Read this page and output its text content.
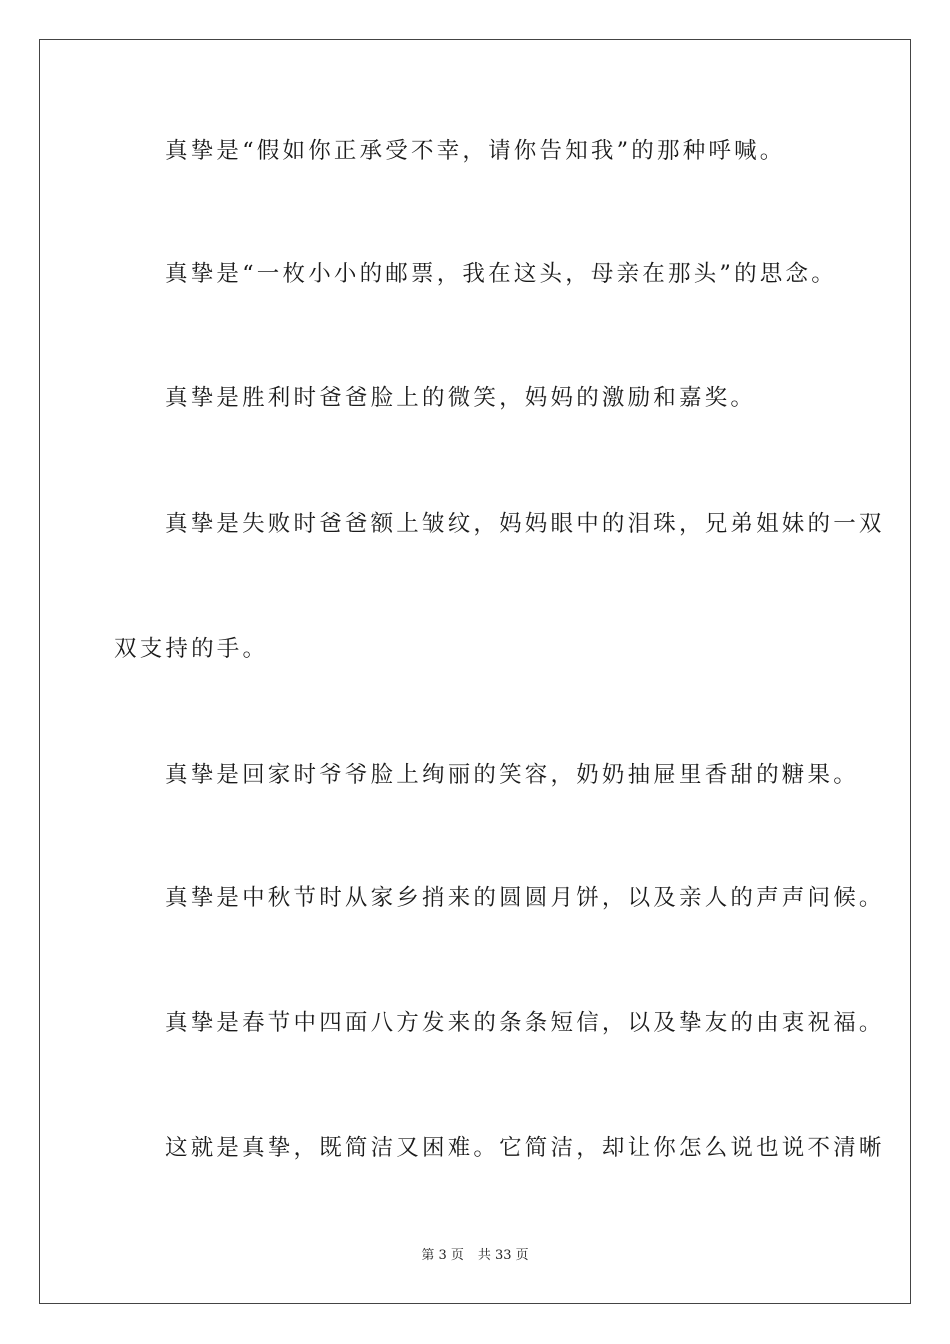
真挚是“假如你正承受不幸，请你告知我”的那种呼喊。
真挚是“一枚小小的邮票，我在这头，母亲在那头”的思念。
真挚是胜利时爸爸脸上的微笑，妈妈的激励和嘉奖。
真挚是失败时爸爸额上皱纹，妈妈眼中的泪珠，兄弟姐妹的一双
双支持的手。
真挚是回家时爷爷脸上绚丽的笑容，奶奶抽屉里香甜的糖果。
真挚是中秋节时从家乡捎来的圆圆月饼，以及亲人的声声问候。
真挚是春节中四面八方发来的条条短信，以及挚友的由衷祝福。
这就是真挚，既简洁又困难。它简洁，却让你怎么说也说不清晰
第 3 页 共 33 页
